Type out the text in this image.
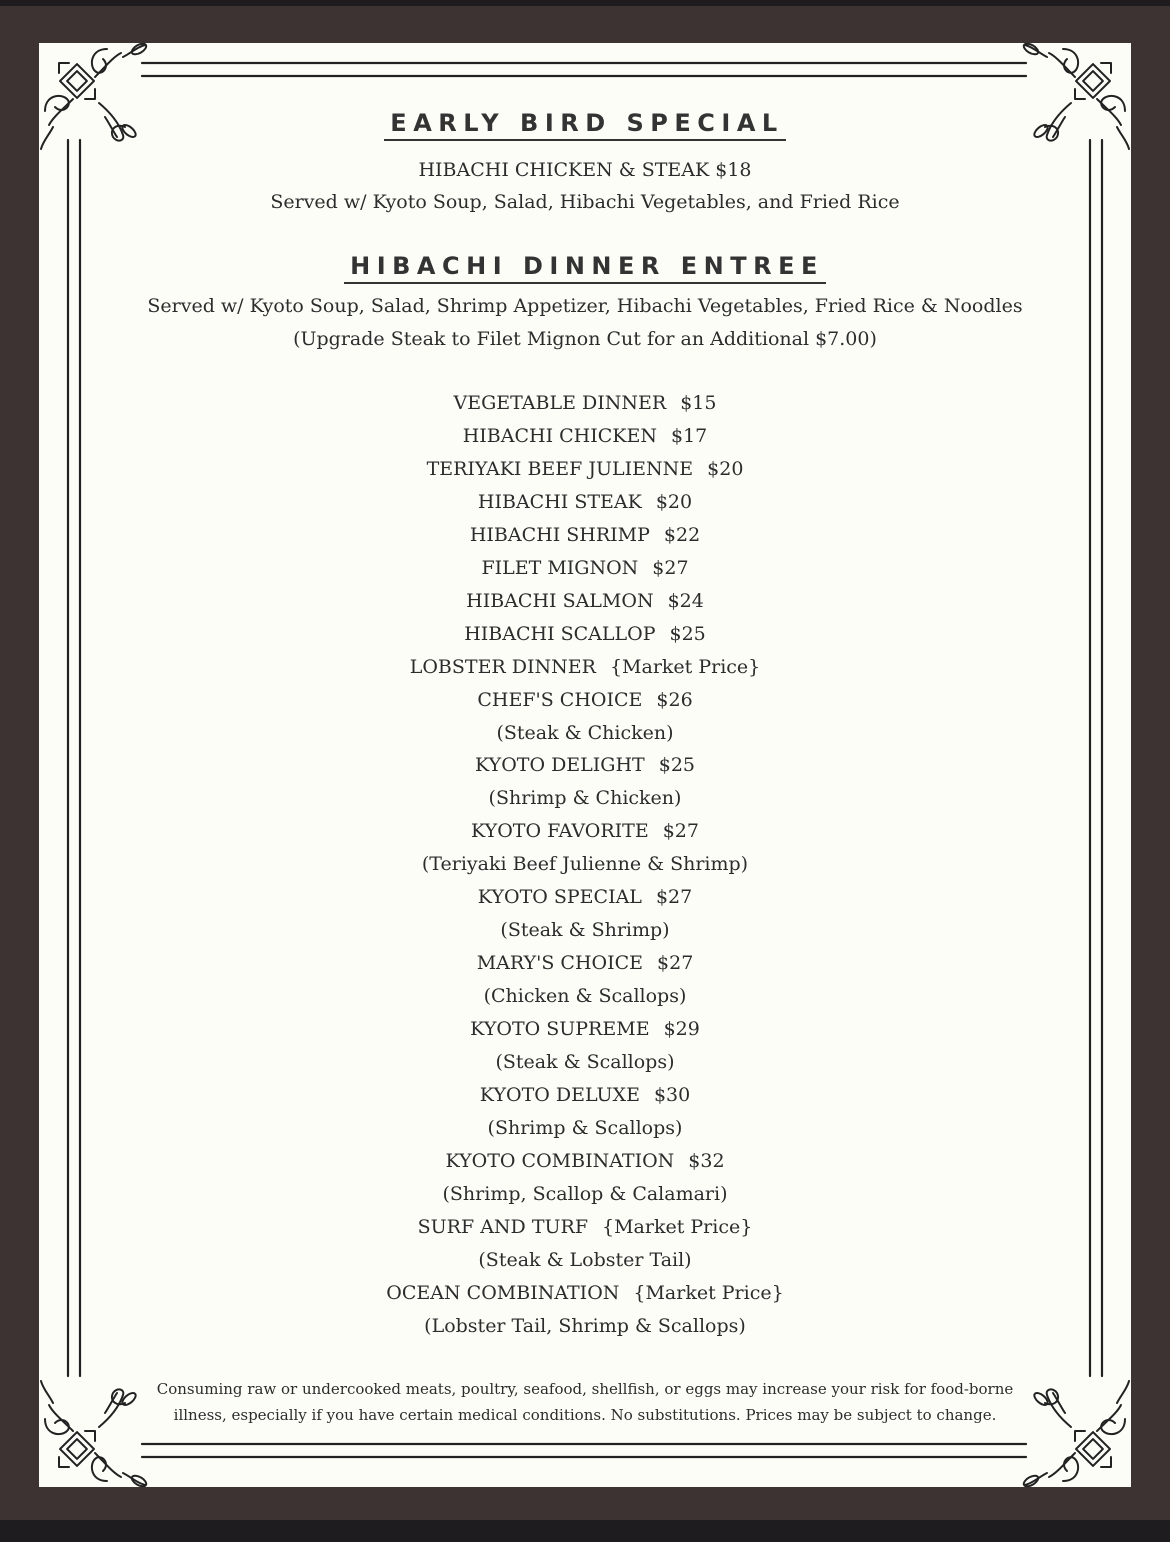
EARLY BIRD SPECIAL
HIBACHI CHICKEN & STEAK $18
Served w/ Kyoto Soup, Salad, Hibachi Vegetables, and Fried Rice
HIBACHI DINNER ENTREE
Served w/ Kyoto Soup, Salad, Shrimp Appetizer, Hibachi Vegetables, Fried Rice & Noodles
(Upgrade Steak to Filet Mignon Cut for an Additional $7.00)
VEGETABLE DINNER $15
HIBACHI CHICKEN $17
TERIYAKI BEEF JULIENNE $20
HIBACHI STEAK $20
HIBACHI SHRIMP $22
FILET MIGNON $27
HIBACHI SALMON $24
HIBACHI SCALLOP $25
LOBSTER DINNER {Market Price}
CHEF'S CHOICE $26
(Steak & Chicken)
KYOTO DELIGHT $25
(Shrimp & Chicken)
KYOTO FAVORITE $27
(Teriyaki Beef Julienne & Shrimp)
KYOTO SPECIAL $27
(Steak & Shrimp)
MARY'S CHOICE $27
(Chicken & Scallops)
KYOTO SUPREME $29
(Steak & Scallops)
KYOTO DELUXE $30
(Shrimp & Scallops)
KYOTO COMBINATION $32
(Shrimp, Scallop & Calamari)
SURF AND TURF {Market Price}
(Steak & Lobster Tail)
OCEAN COMBINATION {Market Price}
(Lobster Tail, Shrimp & Scallops)
Consuming raw or undercooked meats, poultry, seafood, shellfish, or eggs may increase your risk for food-borne
illness, especially if you have certain medical conditions. No substitutions. Prices may be subject to change.
